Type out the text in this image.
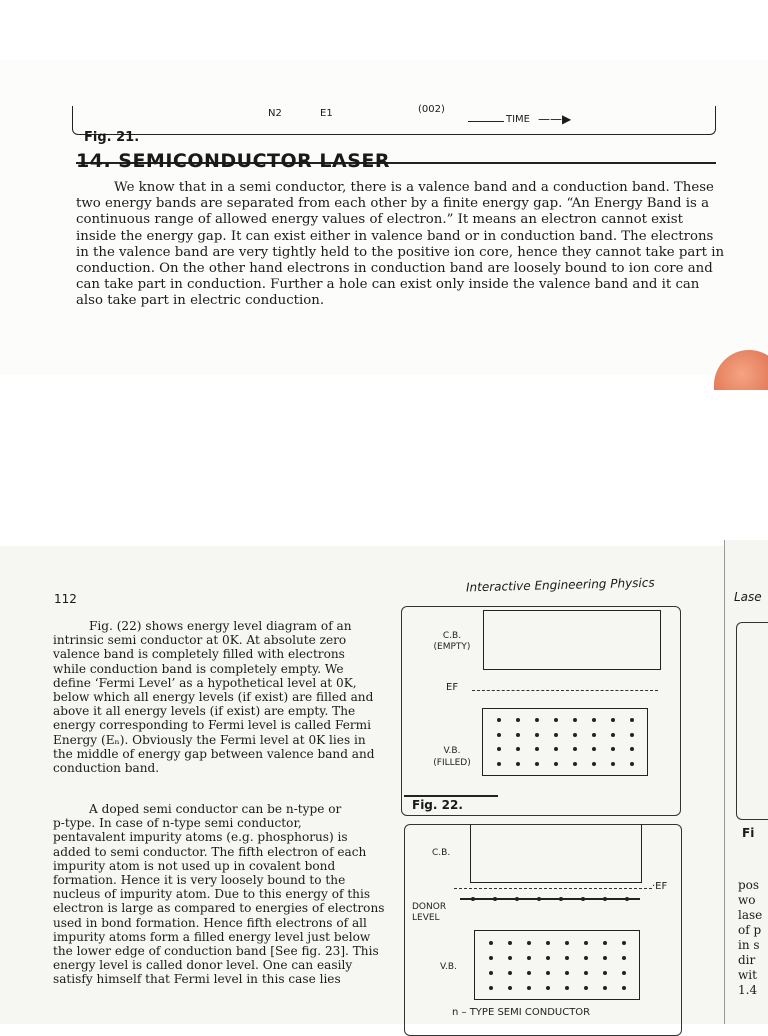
N2	E1	(002)
TIME ——▶
Fig. 21.
14. SEMICONDUCTOR LASER
We know that in a semi conductor, there is a valence band and a conduction band. These
two energy bands are separated from each other by a finite energy gap. “An Energy Band is a
continuous range of allowed energy values of electron.” It means an electron cannot exist
inside the energy gap. It can exist either in valence band or in conduction band. The electrons
in the valence band are very tightly held to the positive ion core, hence they cannot take part in
conduction. On the other hand electrons in conduction band are loosely bound to ion core and
can take part in conduction. Further a hole can exist only inside the valence band and it can
also take part in electric conduction.
112
Interactive Engineering Physics
Fig. (22) shows energy level diagram of an
intrinsic semi conductor at 0K. At absolute zero
valence band is completely filled with electrons
while conduction band is completely empty. We
define ‘Fermi Level’ as a hypothetical level at 0K,
below which all energy levels (if exist) are filled and
above it all energy levels (if exist) are empty. The
energy corresponding to Fermi level is called Fermi
Energy (Eₙ). Obviously the Fermi level at 0K lies in
the middle of energy gap between valence band and
conduction band.
A doped semi conductor can be n-type or
p-type. In case of n-type semi conductor,
pentavalent impurity atoms (e.g. phosphorus) is
added to semi conductor. The fifth electron of each
impurity atom is not used up in covalent bond
formation. Hence it is very loosely bound to the
nucleus of impurity atom. Due to this energy of this
electron is large as compared to energies of electrons
used in bond formation. Hence fifth electrons of all
impurity atoms form a filled energy level just below
the lower edge of conduction band [See fig. 23]. This
energy level is called donor level. One can easily
satisfy himself that Fermi level in this case lies
C.B.
(EMPTY)
EF
V.B.
(FILLED)
Fig. 22.
C.B.
·EF
DONOR
LEVEL
V.B.
n – TYPE SEMI CONDUCTOR
Lase
Fi
pos
wo
lase
of p
in s
dir
wit
1.4
